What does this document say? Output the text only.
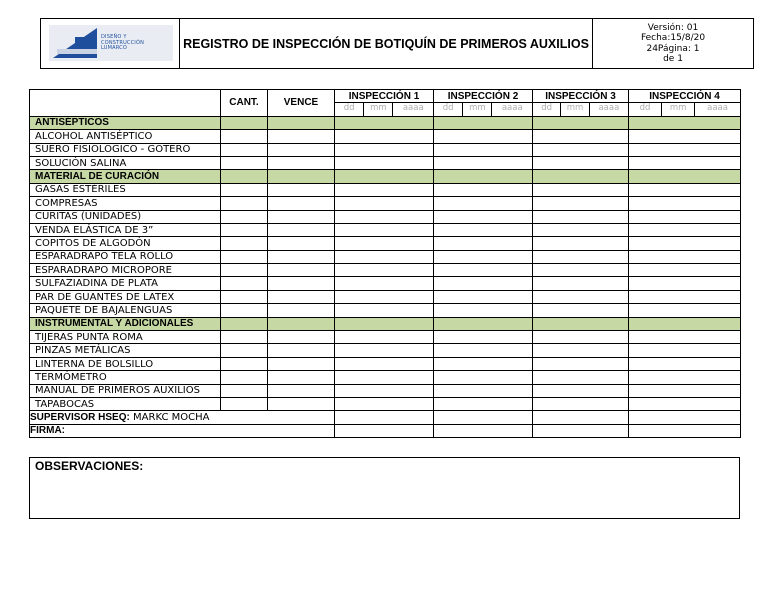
DISEÑO Y CONSTRUCCIÓN LUMARCO	REGISTRO DE INSPECCIÓN DE BOTIQUÍN DE PRIMEROS AUXILIOS
Versión: 01
Fecha:15/8/20
24Página: 1
de 1
	CANT.	VENCE	INSPECCIÓN 1	INSPECCIÓN 2	INSPECCIÓN 3	INSPECCIÓN 4

			dd mm aaaa	dd mm aaaa	dd mm aaaa	dd mm aaaa

ANTISÉPTICOS						
ALCOHOL ANTISÉPTICO						
SUERO FISIOLÓGICO - GOTERO						
SOLUCIÓN SALINA						
MATERIAL DE CURACIÓN						
GASAS ESTÉRILES						
COMPRESAS						
CURITAS (UNIDADES)						
VENDA ELÁSTICA DE 3”						
COPITOS DE ALGODÓN						
ESPARADRAPO TELA ROLLO						
ESPARADRAPO MICROPORE						
SULFAZIADINA DE PLATA						
PAR DE GUANTES DE LATEX						
PAQUETE DE BAJALENGUAS						
INSTRUMENTAL Y ADICIONALES						
TIJERAS PUNTA ROMA						
PINZAS METÁLICAS						
LINTERNA DE BOLSILLO						
TERMÓMETRO						
MANUAL DE PRIMEROS AUXILIOS						
TAPABOCAS						
SUPERVISOR HSEQ: MARKC MOCHA						
FIRMA:						
OBSERVACIONES:
